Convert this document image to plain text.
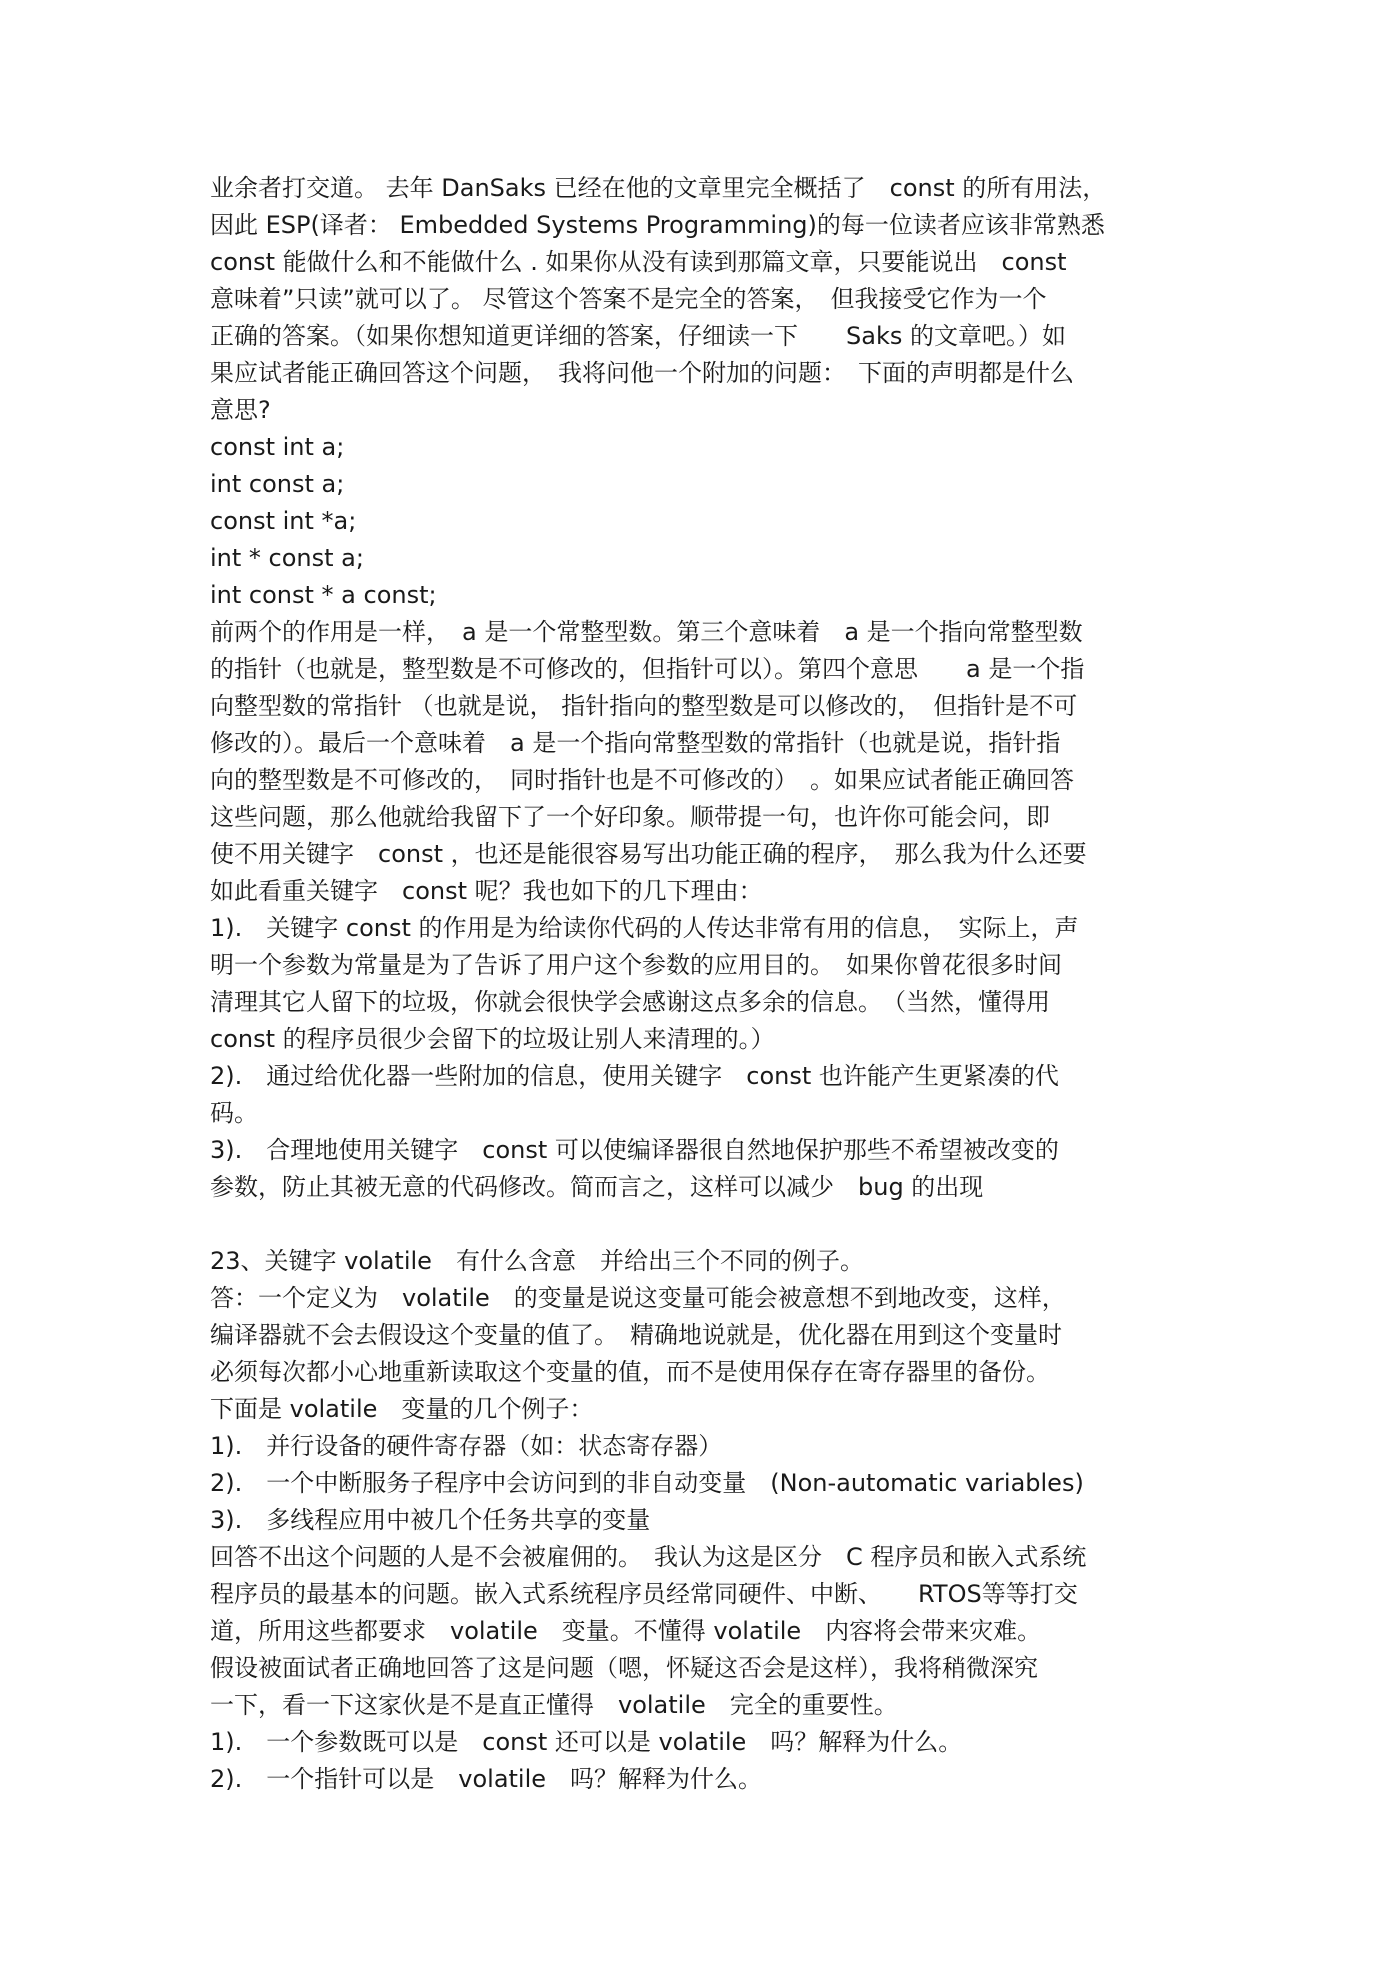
业余者打交道。 去年 DanSaks 已经在他的文章里完全概括了　const 的所有用法，
因此 ESP(译者： Embedded Systems Programming)的每一位读者应该非常熟悉
const 能做什么和不能做什么 . 如果你从没有读到那篇文章，只要能说出　const
意味着”只读”就可以了。 尽管这个答案不是完全的答案，　但我接受它作为一个
正确的答案。（如果你想知道更详细的答案，仔细读一下　　Saks 的文章吧。）如
果应试者能正确回答这个问题，　我将问他一个附加的问题：　下面的声明都是什么
意思?
const int a;
int const a;
const int *a;
int * const a;
int const * a const;
前两个的作用是一样，　a 是一个常整型数。第三个意味着　a 是一个指向常整型数
的指针（也就是，整型数是不可修改的，但指针可以）。第四个意思　　a 是一个指
向整型数的常指针 （也就是说， 指针指向的整型数是可以修改的，　但指针是不可
修改的）。最后一个意味着　a 是一个指向常整型数的常指针（也就是说，指针指
向的整型数是不可修改的，　同时指针也是不可修改的）　。如果应试者能正确回答
这些问题，那么他就给我留下了一个好印象。顺带提一句，也许你可能会问，即
使不用关键字　const ，也还是能很容易写出功能正确的程序，　那么我为什么还要
如此看重关键字　const 呢？我也如下的几下理由：
1).　关键字 const 的作用是为给读你代码的人传达非常有用的信息，　实际上，声
明一个参数为常量是为了告诉了用户这个参数的应用目的。　如果你曾花很多时间
清理其它人留下的垃圾，你就会很快学会感谢这点多余的信息。　（当然，懂得用
const 的程序员很少会留下的垃圾让别人来清理的。）
2).　通过给优化器一些附加的信息，使用关键字　const 也许能产生更紧凑的代
码。
3).　合理地使用关键字　const 可以使编译器很自然地保护那些不希望被改变的
参数，防止其被无意的代码修改。简而言之，这样可以减少　bug 的出现
23、关键字 volatile　有什么含意　并给出三个不同的例子。
答：一个定义为　volatile　的变量是说这变量可能会被意想不到地改变，这样，
编译器就不会去假设这个变量的值了。　精确地说就是，优化器在用到这个变量时
必须每次都小心地重新读取这个变量的值，而不是使用保存在寄存器里的备份。
下面是 volatile　变量的几个例子：
1).　并行设备的硬件寄存器（如：状态寄存器）
2).　一个中断服务子程序中会访问到的非自动变量　(Non-automatic variables)
3).　多线程应用中被几个任务共享的变量
回答不出这个问题的人是不会被雇佣的。　我认为这是区分　C 程序员和嵌入式系统
程序员的最基本的问题。嵌入式系统程序员经常同硬件、中断、　　RTOS等等打交
道，所用这些都要求　volatile　变量。不懂得 volatile　内容将会带来灾难。
假设被面试者正确地回答了这是问题（嗯，怀疑这否会是这样），我将稍微深究
一下，看一下这家伙是不是直正懂得　volatile　完全的重要性。
1).　一个参数既可以是　const 还可以是 volatile　吗？解释为什么。
2).　一个指针可以是　volatile　吗？解释为什么。
